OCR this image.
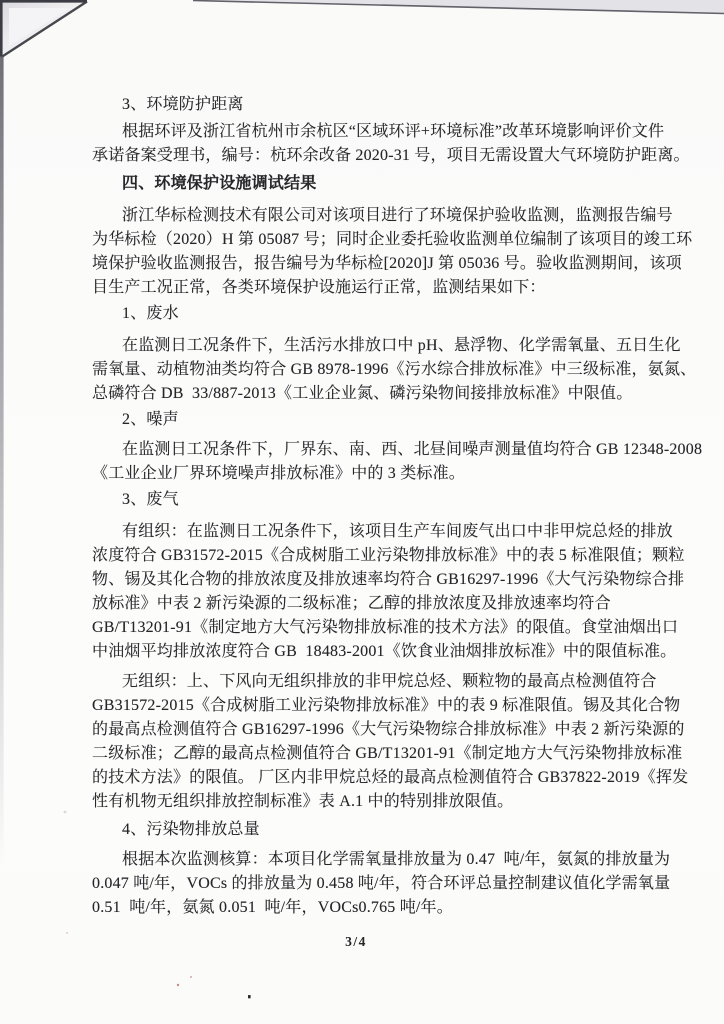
3、环境防护距离
根据环评及浙江省杭州市余杭区“区域环评+环境标准”改革环境影响评价文件
承诺备案受理书，编号：杭环余改备 2020-31 号，项目无需设置大气环境防护距离。
四、环境保护设施调试结果
浙江华标检测技术有限公司对该项目进行了环境保护验收监测，监测报告编号
为华标检（2020）H 第 05087 号；同时企业委托验收监测单位编制了该项目的竣工环
境保护验收监测报告，报告编号为华标检[2020]J 第 05036 号。验收监测期间，该项
目生产工况正常，各类环境保护设施运行正常，监测结果如下：
1、废水
在监测日工况条件下，生活污水排放口中 pH、悬浮物、化学需氧量、五日生化
需氧量、动植物油类均符合 GB 8978-1996《污水综合排放标准》中三级标准，氨氮、
总磷符合 DB  33/887-2013《工业企业氮、磷污染物间接排放标准》中限值。
2、噪声
在监测日工况条件下，厂界东、南、西、北昼间噪声测量值均符合 GB 12348-2008
《工业企业厂界环境噪声排放标准》中的 3 类标准。
3、废气
有组织：在监测日工况条件下，该项目生产车间废气出口中非甲烷总烃的排放
浓度符合 GB31572-2015《合成树脂工业污染物排放标准》中的表 5 标准限值；颗粒
物、锡及其化合物的排放浓度及排放速率均符合 GB16297-1996《大气污染物综合排
放标准》中表 2 新污染源的二级标准；乙醇的排放浓度及排放速率均符合
GB/T13201-91《制定地方大气污染物排放标准的技术方法》的限值。食堂油烟出口
中油烟平均排放浓度符合 GB  18483-2001《饮食业油烟排放标准》中的限值标准。
无组织：上、下风向无组织排放的非甲烷总烃、颗粒物的最高点检测值符合
GB31572-2015《合成树脂工业污染物排放标准》中的表 9 标准限值。锡及其化合物
的最高点检测值符合 GB16297-1996《大气污染物综合排放标准》中表 2 新污染源的
二级标准；乙醇的最高点检测值符合 GB/T13201-91《制定地方大气污染物排放标准
的技术方法》的限值。 厂区内非甲烷总烃的最高点检测值符合 GB37822-2019《挥发
性有机物无组织排放控制标准》表 A.1 中的特别排放限值。
4、污染物排放总量
根据本次监测核算：本项目化学需氧量排放量为 0.47  吨/年，氨氮的排放量为
0.047 吨/年，VOCs 的排放量为 0.458 吨/年，符合环评总量控制建议值化学需氧量
0.51  吨/年，氨氮 0.051  吨/年，VOCs0.765 吨/年。
3/4
